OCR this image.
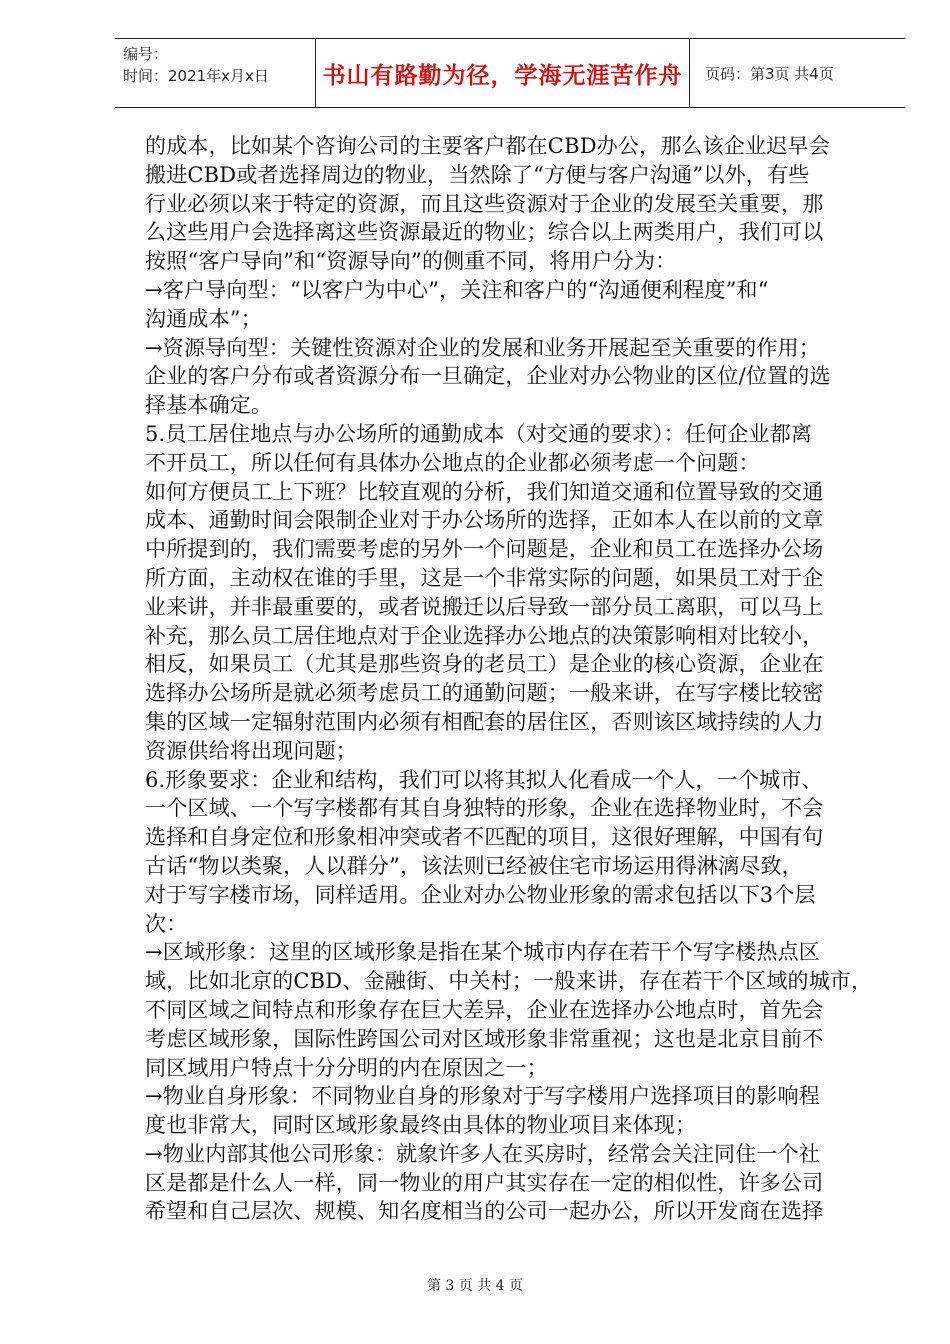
编号：
时间：2021年x月x日	书山有路勤为径，学海无涯苦作舟 页码：第3页 共4页
的成本，比如某个咨询公司的主要客户都在CBD办公，那么该企业迟早会
搬进CBD或者选择周边的物业，当然除了“方便与客户沟通”以外，有些
行业必须以来于特定的资源，而且这些资源对于企业的发展至关重要，那
么这些用户会选择离这些资源最近的物业；综合以上两类用户，我们可以
按照“客户导向”和“资源导向”的侧重不同，将用户分为：
→客户导向型：“以客户为中心”，关注和客户的“沟通便利程度”和“
沟通成本”；
→资源导向型：关键性资源对企业的发展和业务开展起至关重要的作用；
企业的客户分布或者资源分布一旦确定，企业对办公物业的区位/位置的选
择基本确定。
5.员工居住地点与办公场所的通勤成本（对交通的要求）：任何企业都离
不开员工，所以任何有具体办公地点的企业都必须考虑一个问题：
如何方便员工上下班？比较直观的分析，我们知道交通和位置导致的交通
成本、通勤时间会限制企业对于办公场所的选择，正如本人在以前的文章
中所提到的，我们需要考虑的另外一个问题是，企业和员工在选择办公场
所方面，主动权在谁的手里，这是一个非常实际的问题，如果员工对于企
业来讲，并非最重要的，或者说搬迁以后导致一部分员工离职，可以马上
补充，那么员工居住地点对于企业选择办公地点的决策影响相对比较小，
相反，如果员工（尤其是那些资身的老员工）是企业的核心资源，企业在
选择办公场所是就必须考虑员工的通勤问题；一般来讲，在写字楼比较密
集的区域一定辐射范围内必须有相配套的居住区，否则该区域持续的人力
资源供给将出现问题；
6.形象要求：企业和结构，我们可以将其拟人化看成一个人，一个城市、
一个区域、一个写字楼都有其自身独特的形象，企业在选择物业时，不会
选择和自身定位和形象相冲突或者不匹配的项目，这很好理解，中国有句
古话“物以类聚，人以群分”，该法则已经被住宅市场运用得淋漓尽致，
对于写字楼市场，同样适用。企业对办公物业形象的需求包括以下3个层
次：
→区域形象：这里的区域形象是指在某个城市内存在若干个写字楼热点区
域，比如北京的CBD、金融街、中关村；一般来讲，存在若干个区域的城市，
不同区域之间特点和形象存在巨大差异，企业在选择办公地点时，首先会
考虑区域形象，国际性跨国公司对区域形象非常重视；这也是北京目前不
同区域用户特点十分分明的内在原因之一；
→物业自身形象：不同物业自身的形象对于写字楼用户选择项目的影响程
度也非常大，同时区域形象最终由具体的物业项目来体现；
→物业内部其他公司形象：就象许多人在买房时，经常会关注同住一个社
区是都是什么人一样，同一物业的用户其实存在一定的相似性，许多公司
希望和自己层次、规模、知名度相当的公司一起办公，所以开发商在选择
第 3 页 共 4 页
